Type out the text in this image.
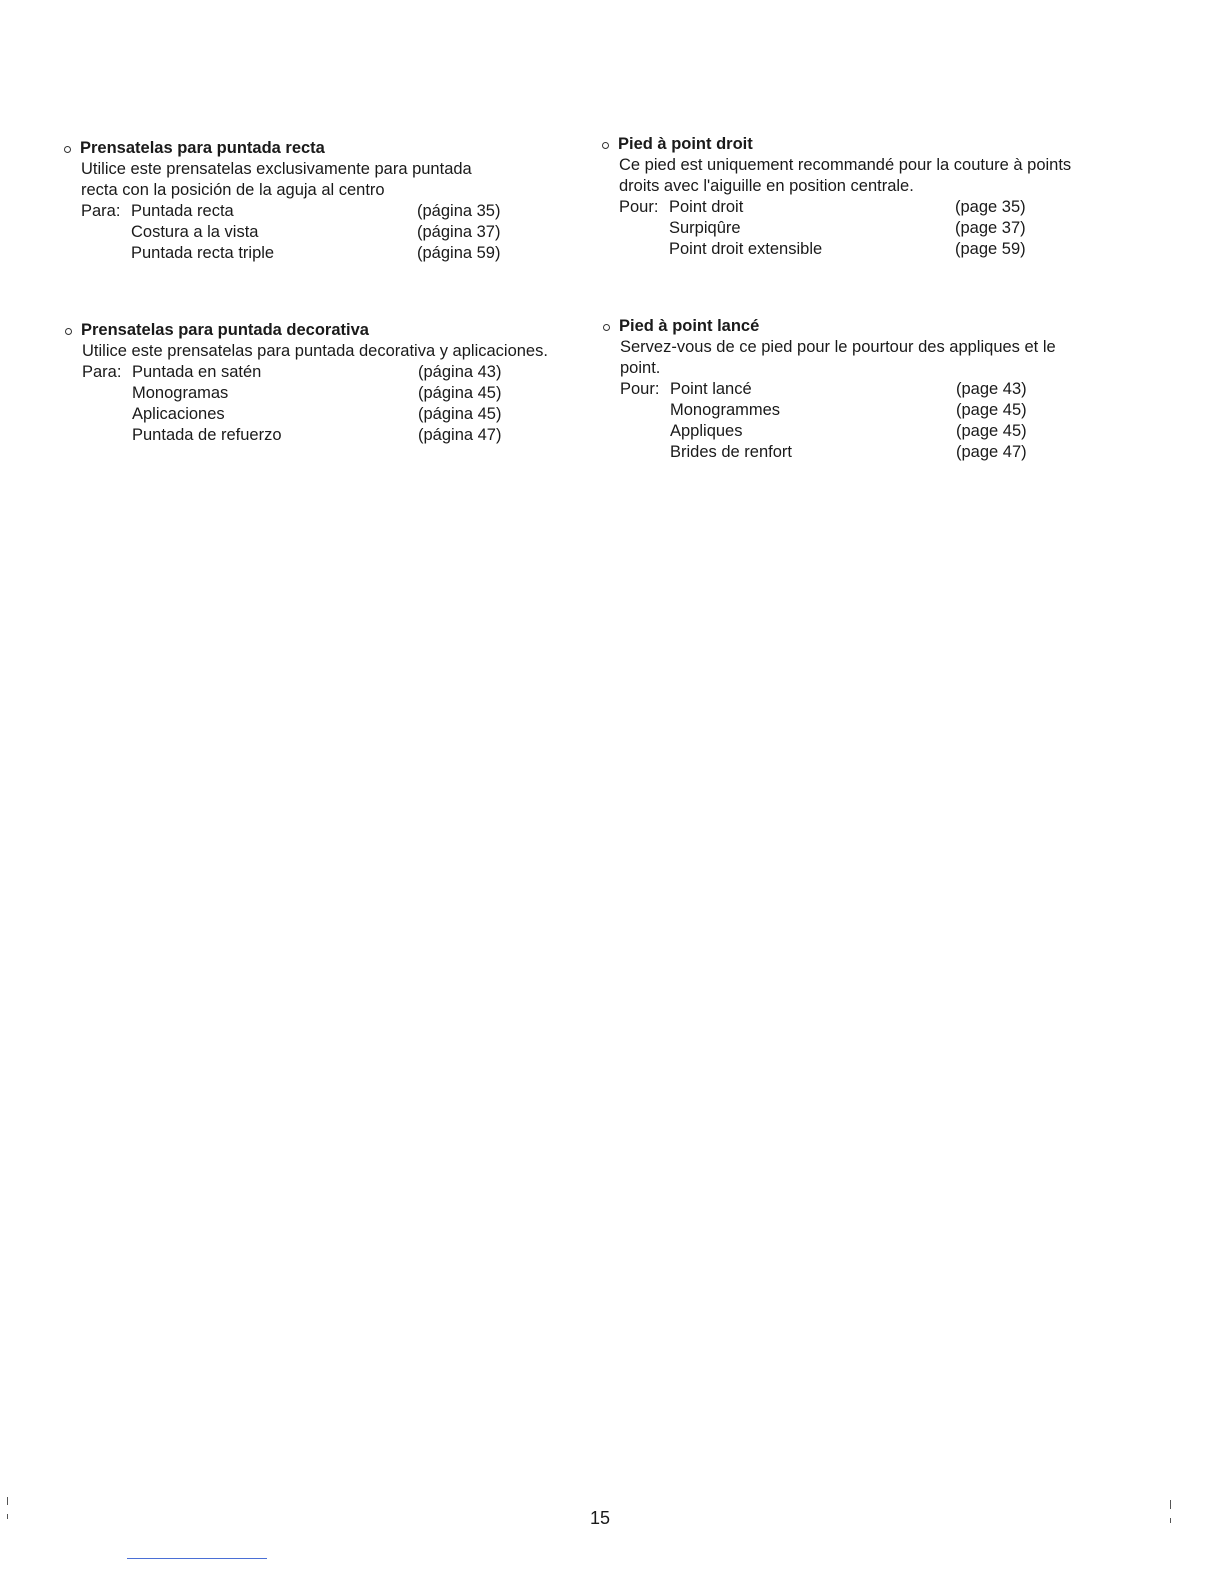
Prensatelas para puntada recta
Utilice este prensatelas exclusivamente para puntada
recta con la posición de la aguja al centro
Para: Puntada recta	(página 35)
Costura a la vista	(página 37)
Puntada recta triple	(página 59)
Pied à point droit
Ce pied est uniquement recommandé pour la couture à points
droits avec l'aiguille en position centrale.
Pour: Point droit	(page 35)
Surpiqûre	(page 37)
Point droit extensible	(page 59)
Prensatelas para puntada decorativa
Utilice este prensatelas para puntada decorativa y aplicaciones.
Para: Puntada en satén	(página 43)
Monogramas	(página 45)
Aplicaciones	(página 45)
Puntada de refuerzo	(página 47)
Pied à point lancé
Servez-vous de ce pied pour le pourtour des appliques et le
point.
Pour: Point lancé	(page 43)
Monogrammes	(page 45)
Appliques	(page 45)
Brides de renfort	(page 47)
15
